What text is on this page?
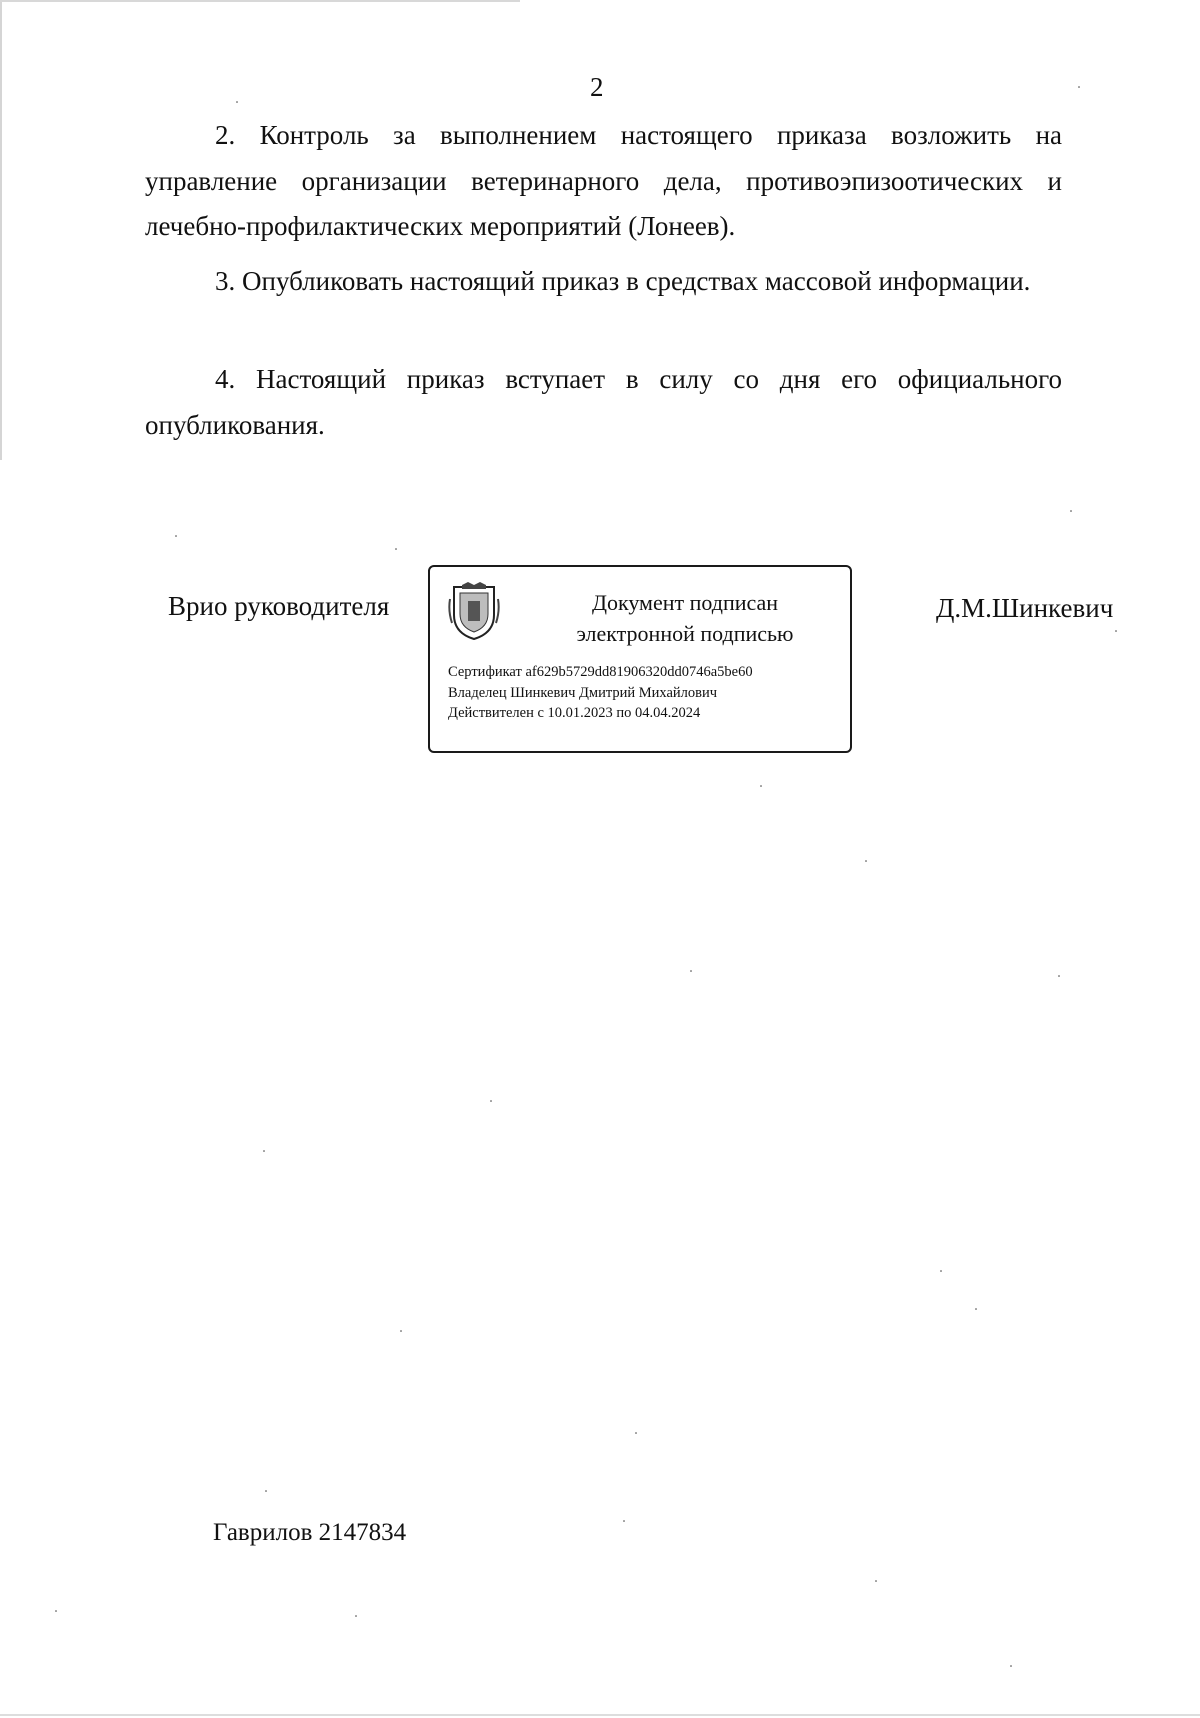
2

2. Контроль за выполнением настоящего приказа возложить на управление организации ветеринарного дела, противоэпизоотических и лечебно-профилактических мероприятий (Лонеев).

3. Опубликовать настоящий приказ в средствах массовой информации.

4. Настоящий приказ вступает в силу со дня его официального опубликования.

Врио руководителя	Документ подписан
электронной подписью
Сертификат af629b5729dd81906320dd0746a5be60
Владелец Шинкевич Дмитрий Михайлович
Действителен с 10.01.2023 по 04.04.2024
Д.М.Шинкевич
Гаврилов 2147834
